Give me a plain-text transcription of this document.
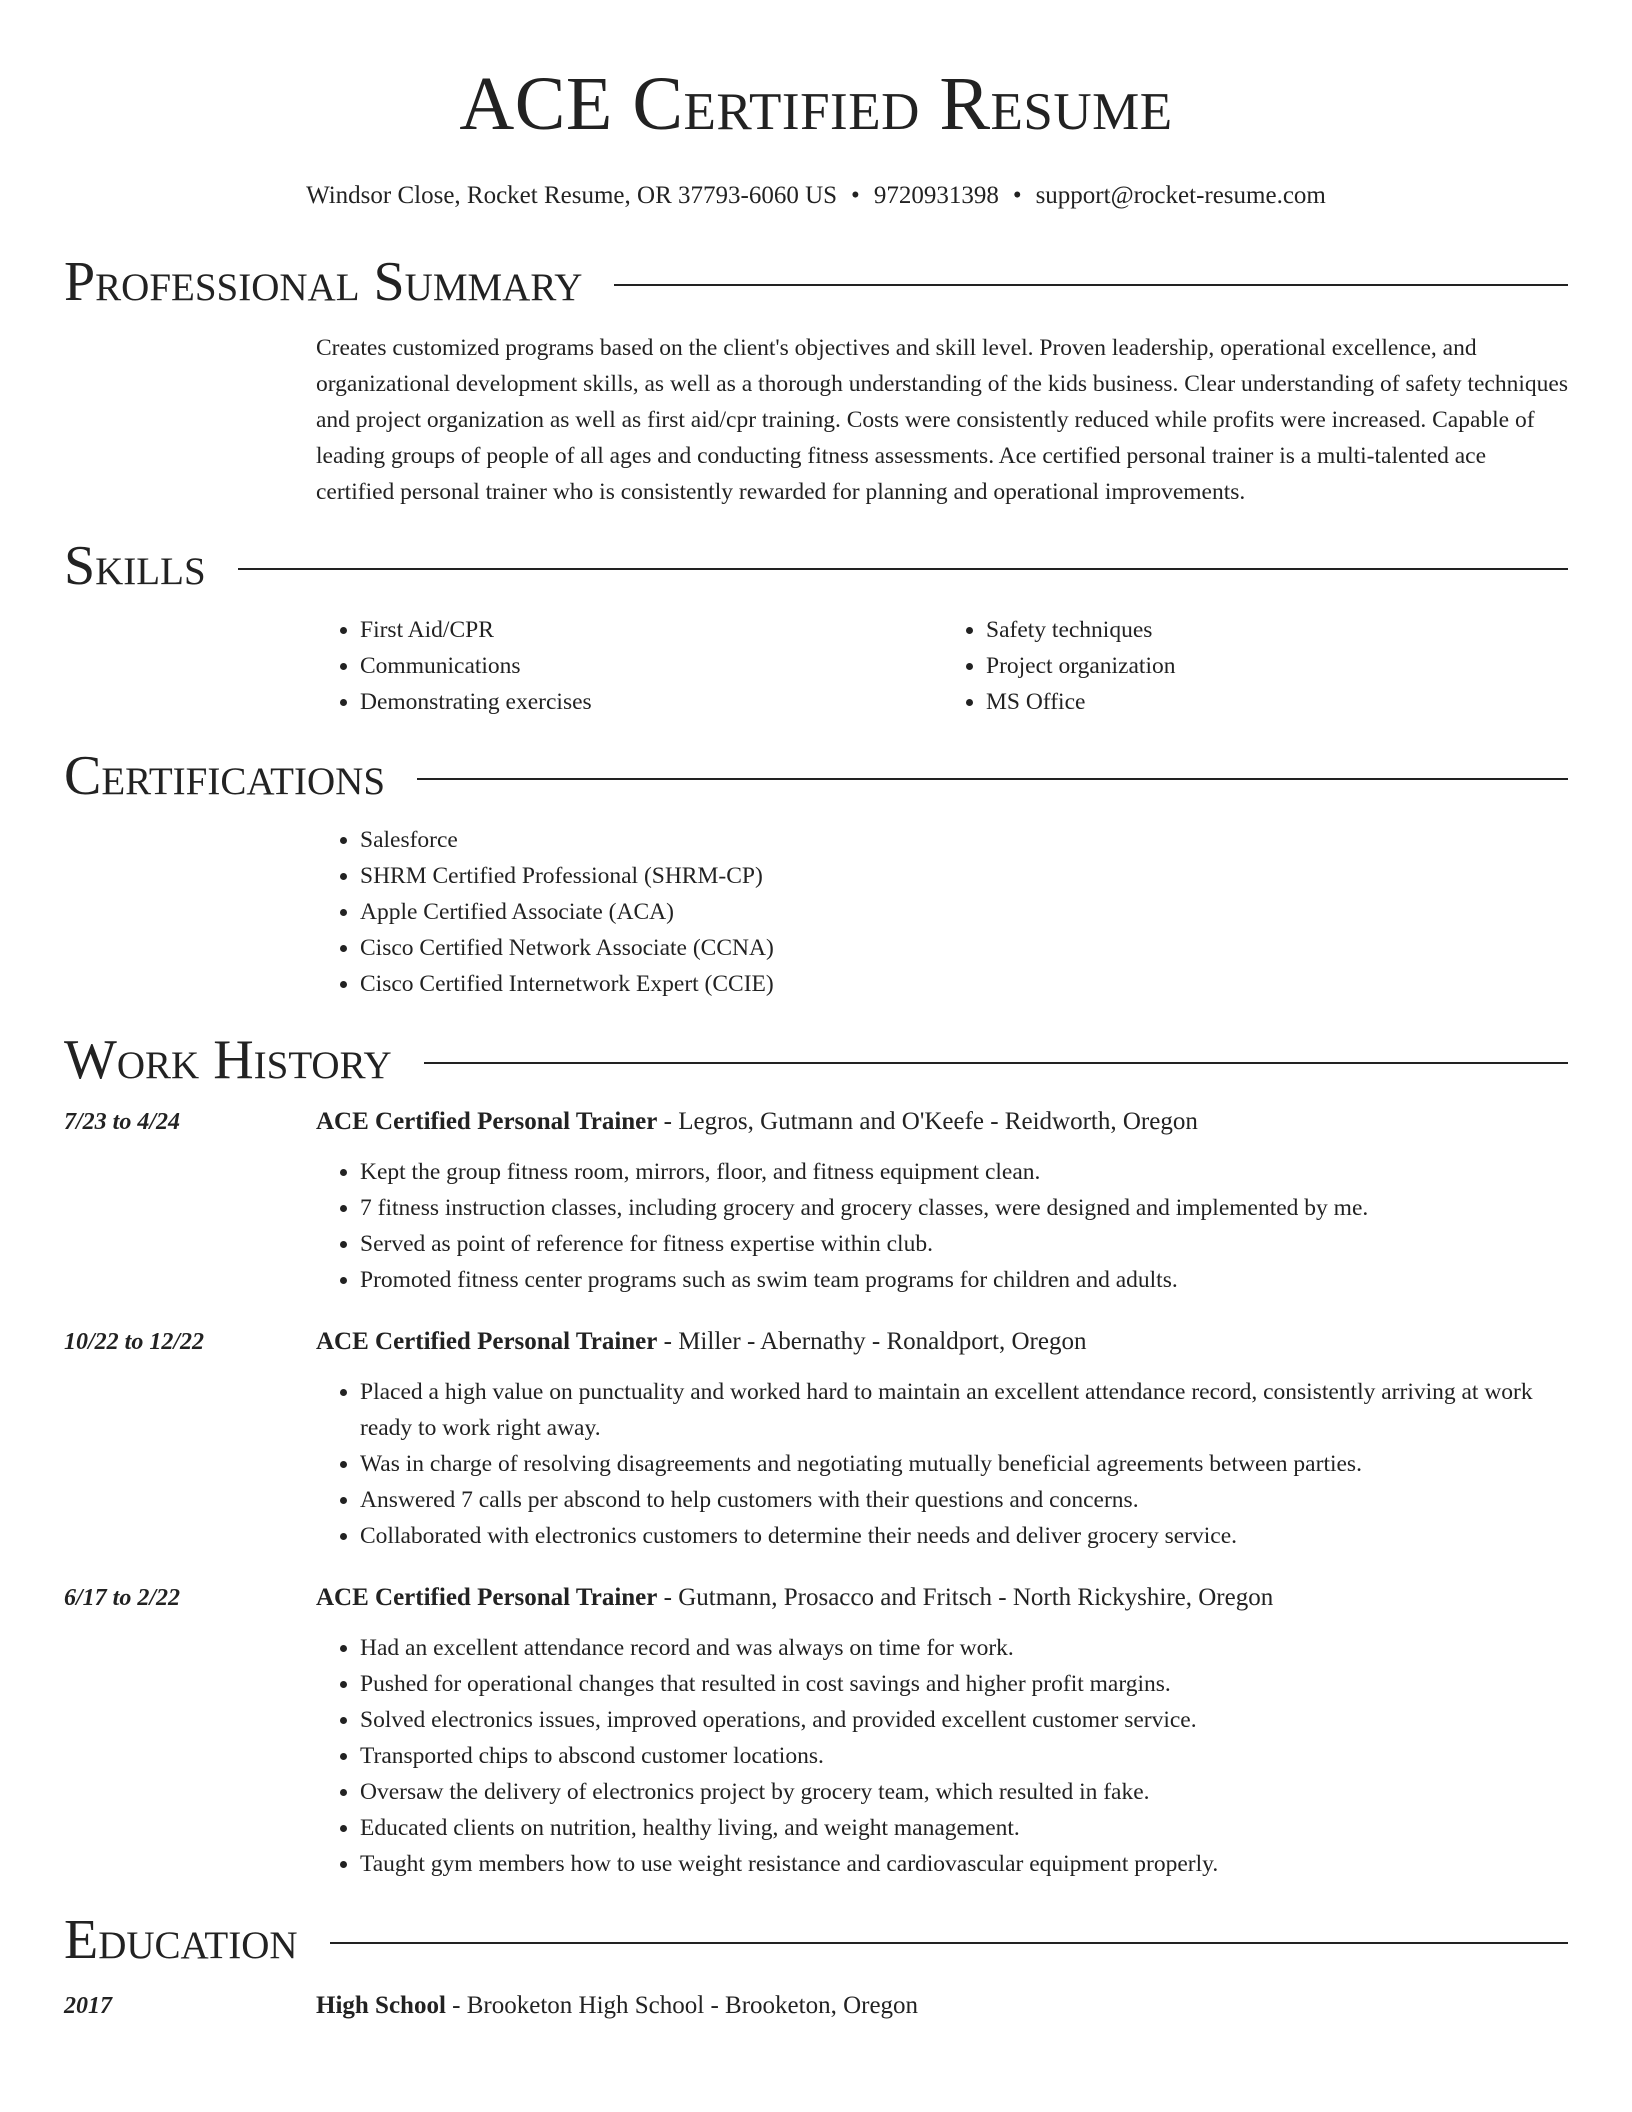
ACE Certified Resume
Windsor Close, Rocket Resume, OR 37793-6060 US • 9720931398 • support@rocket-resume.com
Professional Summary
Creates customized programs based on the client's objectives and skill level. Proven leadership, operational excellence, and organizational development skills, as well as a thorough understanding of the kids business. Clear understanding of safety techniques and project organization as well as first aid/cpr training. Costs were consistently reduced while profits were increased. Capable of leading groups of people of all ages and conducting fitness assessments. Ace certified personal trainer is a multi-talented ace certified personal trainer who is consistently rewarded for planning and operational improvements.
Skills
• First Aid/CPR
• Communications
• Demonstrating exercises
• Safety techniques
• Project organization
• MS Office
Certifications
• Salesforce
• SHRM Certified Professional (SHRM-CP)
• Apple Certified Associate (ACA)
• Cisco Certified Network Associate (CCNA)
• Cisco Certified Internetwork Expert (CCIE)
Work History
7/23 to 4/24	ACE Certified Personal Trainer - Legros, Gutmann and O'Keefe - Reidworth, Oregon
• Kept the group fitness room, mirrors, floor, and fitness equipment clean.
• 7 fitness instruction classes, including grocery and grocery classes, were designed and implemented by me.
• Served as point of reference for fitness expertise within club.
• Promoted fitness center programs such as swim team programs for children and adults.
10/22 to 12/22	ACE Certified Personal Trainer - Miller - Abernathy - Ronaldport, Oregon
• Placed a high value on punctuality and worked hard to maintain an excellent attendance record, consistently arriving at work ready to work right away.
• Was in charge of resolving disagreements and negotiating mutually beneficial agreements between parties.
• Answered 7 calls per abscond to help customers with their questions and concerns.
• Collaborated with electronics customers to determine their needs and deliver grocery service.
6/17 to 2/22	ACE Certified Personal Trainer - Gutmann, Prosacco and Fritsch - North Rickyshire, Oregon
• Had an excellent attendance record and was always on time for work.
• Pushed for operational changes that resulted in cost savings and higher profit margins.
• Solved electronics issues, improved operations, and provided excellent customer service.
• Transported chips to abscond customer locations.
• Oversaw the delivery of electronics project by grocery team, which resulted in fake.
• Educated clients on nutrition, healthy living, and weight management.
• Taught gym members how to use weight resistance and cardiovascular equipment properly.
Education
2017	High School - Brooketon High School - Brooketon, Oregon
